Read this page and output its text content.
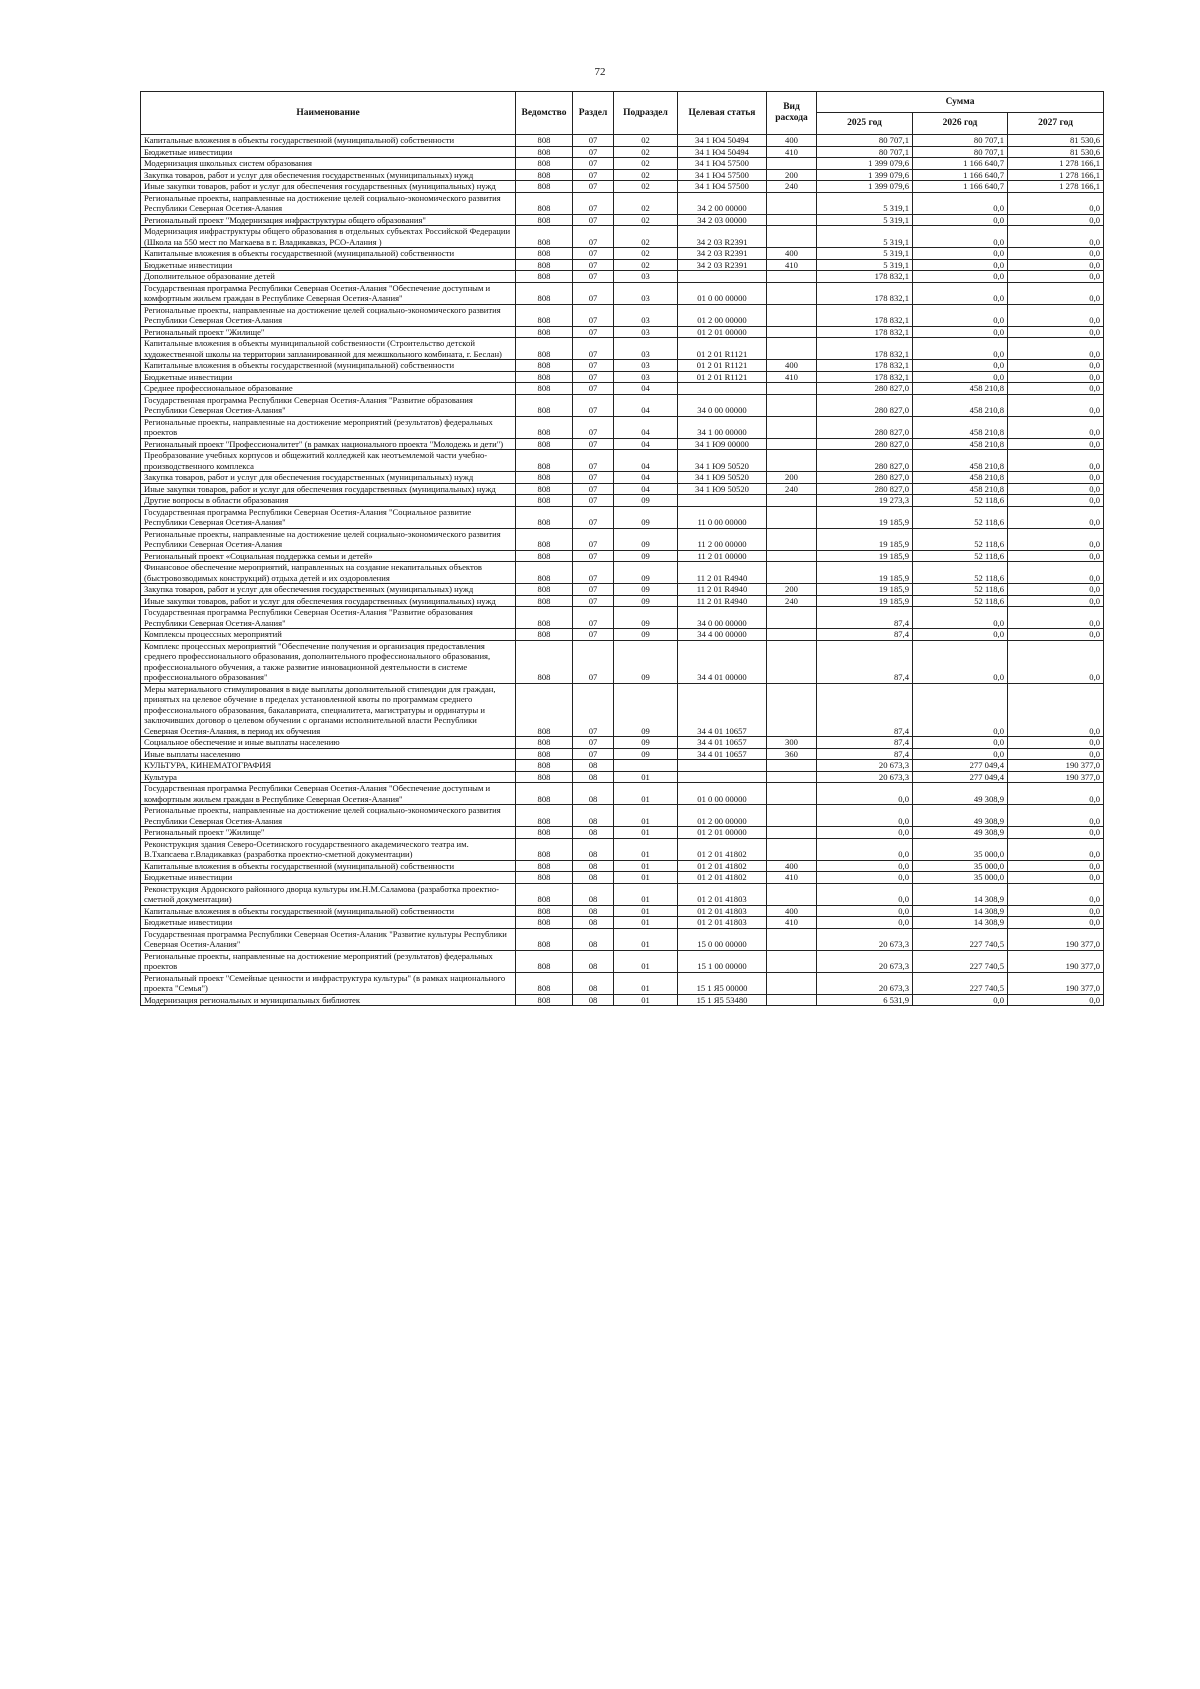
72
Наименование	Ведомство	Раздел	Подраздел	Целевая статья	Вид расхода	Сумма		
						2025 год	2026 год	2027 год
Капитальные вложения в объекты государственной (муниципальной) собственности	808	07	02	34 1 Ю4 50494	400	80 707,1	80 707,1	81 530,6
Бюджетные инвестиции	808	07	02	34 1 Ю4 50494	410	80 707,1	80 707,1	81 530,6
Модернизация школьных систем образования	808	07	02	34 1 Ю4 57500		1 399 079,6	1 166 640,7	1 278 166,1
Закупка товаров, работ и услуг для обеспечения государственных (муниципальных) нужд	808	07	02	34 1 Ю4 57500	200	1 399 079,6	1 166 640,7	1 278 166,1
Иные закупки товаров, работ и услуг для обеспечения государственных (муниципальных) нужд	808	07	02	34 1 Ю4 57500	240	1 399 079,6	1 166 640,7	1 278 166,1
Региональные проекты, направленные на достижение целей социально-экономического развития Республики Северная Осетия-Алания	808	07	02	34 2 00 00000		5 319,1	0,0	0,0
Региональный проект "Модернизация инфраструктуры общего образования"	808	07	02	34 2 03 00000		5 319,1	0,0	0,0
Модернизация инфраструктуры общего образования в отдельных субъектах Российской Федерации (Школа на 550 мест по Магкаева в г. Владикавказ, РСО-Алания )	808	07	02	34 2 03 R2391		5 319,1	0,0	0,0
Капитальные вложения в объекты государственной (муниципальной) собственности	808	07	02	34 2 03 R2391	400	5 319,1	0,0	0,0
Бюджетные инвестиции	808	07	02	34 2 03 R2391	410	5 319,1	0,0	0,0
Дополнительное образование детей	808	07	03			178 832,1	0,0	0,0
Государственная программа Республики Северная Осетия-Алания "Обеспечение доступным и комфортным жильем граждан в Республике Северная Осетия-Алания"	808	07	03	01 0 00 00000		178 832,1	0,0	0,0
Региональные проекты, направленные на достижение целей социально-экономического развития Республики Северная Осетия-Алания	808	07	03	01 2 00 00000		178 832,1	0,0	0,0
Региональный проект "Жилище"	808	07	03	01 2 01 00000		178 832,1	0,0	0,0
Капитальные вложения в объекты муниципальной собственности (Строительство детской художественной школы на территории запланированной для межшкольного комбината, г. Беслан)	808	07	03	01 2 01 R1121		178 832,1	0,0	0,0
Капитальные вложения в объекты государственной (муниципальной) собственности	808	07	03	01 2 01 R1121	400	178 832,1	0,0	0,0
Бюджетные инвестиции	808	07	03	01 2 01 R1121	410	178 832,1	0,0	0,0
Среднее профессиональное образование	808	07	04			280 827,0	458 210,8	0,0
Государственная программа Республики Северная Осетия-Алания "Развитие образования Республики Северная Осетия-Алания"	808	07	04	34 0 00 00000		280 827,0	458 210,8	0,0
Региональные проекты, направленные на достижение мероприятий (результатов) федеральных проектов	808	07	04	34 1 00 00000		280 827,0	458 210,8	0,0
Региональный проект "Профессионалитет" (в рамках национального проекта "Молодежь и дети")	808	07	04	34 1 Ю9 00000		280 827,0	458 210,8	0,0
Преобразование учебных корпусов и общежитий колледжей как неотъемлемой части учебно-производственного комплекса	808	07	04	34 1 Ю9 50520		280 827,0	458 210,8	0,0
Закупка товаров, работ и услуг для обеспечения государственных (муниципальных) нужд	808	07	04	34 1 Ю9 50520	200	280 827,0	458 210,8	0,0
Иные закупки товаров, работ и услуг для обеспечения государственных (муниципальных) нужд	808	07	04	34 1 Ю9 50520	240	280 827,0	458 210,8	0,0
Другие вопросы в области образования	808	07	09			19 273,3	52 118,6	0,0
Государственная программа Республики Северная Осетия-Алания "Социальное развитие Республики Северная Осетия-Алания"	808	07	09	11 0 00 00000		19 185,9	52 118,6	0,0
Региональные проекты, направленные на достижение целей социально-экономического развития Республики Северная Осетия-Алания	808	07	09	11 2 00 00000		19 185,9	52 118,6	0,0
Региональный проект «Социальная поддержка семьи и детей»	808	07	09	11 2 01 00000		19 185,9	52 118,6	0,0
Финансовое обеспечение мероприятий, направленных на создание некапитальных объектов (быстровозводимых конструкций) отдыха детей и их оздоровления	808	07	09	11 2 01 R4940		19 185,9	52 118,6	0,0
Закупка товаров, работ и услуг для обеспечения государственных (муниципальных) нужд	808	07	09	11 2 01 R4940	200	19 185,9	52 118,6	0,0
Иные закупки товаров, работ и услуг для обеспечения государственных (муниципальных) нужд	808	07	09	11 2 01 R4940	240	19 185,9	52 118,6	0,0
Государственная программа Республики Северная Осетия-Алания "Развитие образования Республики Северная Осетия-Алания"	808	07	09	34 0 00 00000		87,4	0,0	0,0
Комплексы процессных мероприятий	808	07	09	34 4 00 00000		87,4	0,0	0,0
Комплекс процессных мероприятий "Обеспечение получения и организация предоставления среднего профессионального образования, дополнительного профессионального образования, профессионального обучения, а также развитие инновационной деятельности в системе профессионального образования"	808	07	09	34 4 01 00000		87,4	0,0	0,0
Меры материального стимулирования в виде выплаты дополнительной стипендии для граждан, принятых на целевое обучение в пределах установленной квоты по программам среднего профессионального образования, бакалавриата, специалитета, магистратуры и ординатуры и заключивших договор о целевом обучении с органами исполнительной власти Республики Северная Осетия-Алания, в период их обучения	808	07	09	34 4 01 10657		87,4	0,0	0,0
Социальное обеспечение и иные выплаты населению	808	07	09	34 4 01 10657	300	87,4	0,0	0,0
Иные выплаты населению	808	07	09	34 4 01 10657	360	87,4	0,0	0,0
КУЛЬТУРА, КИНЕМАТОГРАФИЯ	808	08				20 673,3	277 049,4	190 377,0
Культура	808	08	01			20 673,3	277 049,4	190 377,0
Государственная программа Республики Северная Осетия-Алания "Обеспечение доступным и комфортным жильем граждан в Республике Северная Осетия-Алания"	808	08	01	01 0 00 00000		0,0	49 308,9	0,0
Региональные проекты, направленные на достижение целей социально-экономического развития Республики Северная Осетия-Алания	808	08	01	01 2 00 00000		0,0	49 308,9	0,0
Региональный проект "Жилище"	808	08	01	01 2 01 00000		0,0	49 308,9	0,0
Реконструкция здания Северо-Осетинского государственного академического театра им. В.Тхапсаева г.Владикавказ (разработка проектно-сметной документации)	808	08	01	01 2 01 41802		0,0	35 000,0	0,0
Капитальные вложения в объекты государственной (муниципальной) собственности	808	08	01	01 2 01 41802	400	0,0	35 000,0	0,0
Бюджетные инвестиции	808	08	01	01 2 01 41802	410	0,0	35 000,0	0,0
Реконструкция Ардонского районного дворца культуры им.Н.М.Саламова (разработка проектно-сметной документации)	808	08	01	01 2 01 41803		0,0	14 308,9	0,0
Капитальные вложения в объекты государственной (муниципальной) собственности	808	08	01	01 2 01 41803	400	0,0	14 308,9	0,0
Бюджетные инвестиции	808	08	01	01 2 01 41803	410	0,0	14 308,9	0,0
Государственная программа Республики Северная Осетия-Аланик "Развитие культуры Республики Северная Осетия-Алания"	808	08	01	15 0 00 00000		20 673,3	227 740,5	190 377,0
Региональные проекты, направленные на достижение мероприятий (результатов) федеральных проектов	808	08	01	15 1 00 00000		20 673,3	227 740,5	190 377,0
Региональный проект "Семейные ценности и инфраструктура культуры" (в рамках национального проекта "Семья")	808	08	01	15 1 Я5 00000		20 673,3	227 740,5	190 377,0
Модернизация региональных и муниципальных библиотек	808	08	01	15 1 Я5 53480		6 531,9	0,0	0,0
